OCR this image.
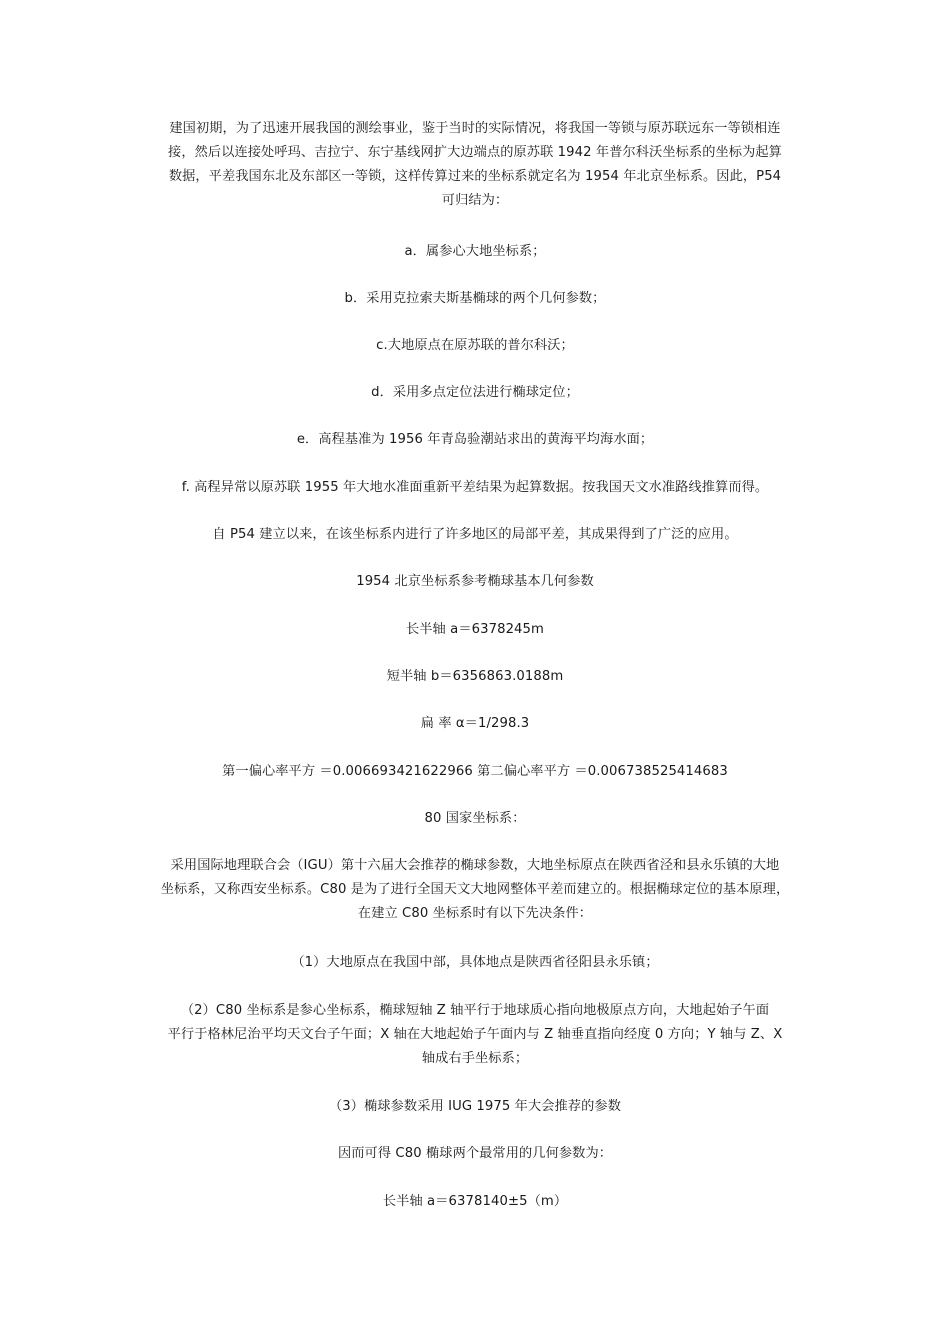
建国初期，为了迅速开展我国的测绘事业，鉴于当时的实际情况，将我国一等锁与原苏联远东一等锁相连
接，然后以连接处呼玛、吉拉宁、东宁基线网扩大边端点的原苏联 1942 年普尔科沃坐标系的坐标为起算
数据，平差我国东北及东部区一等锁，这样传算过来的坐标系就定名为 1954 年北京坐标系。因此，P54
可归结为：
a．属参心大地坐标系；
b．采用克拉索夫斯基椭球的两个几何参数；
c.大地原点在原苏联的普尔科沃；
d．采用多点定位法进行椭球定位；
e．高程基准为 1956 年青岛验潮站求出的黄海平均海水面；
f. 高程异常以原苏联 1955 年大地水准面重新平差结果为起算数据。按我国天文水准路线推算而得。
自 P54 建立以来，在该坐标系内进行了许多地区的局部平差，其成果得到了广泛的应用。
1954 北京坐标系参考椭球基本几何参数
长半轴 a＝6378245m
短半轴 b＝6356863.0188m
扁 率 α＝1/298.3
第一偏心率平方 ＝0.006693421622966 第二偏心率平方 ＝0.006738525414683
80 国家坐标系：
采用国际地理联合会（IGU）第十六届大会推荐的椭球参数，大地坐标原点在陕西省泾和县永乐镇的大地
坐标系，又称西安坐标系。C80 是为了进行全国天文大地网整体平差而建立的。根据椭球定位的基本原理，
在建立 C80 坐标系时有以下先决条件：
（1）大地原点在我国中部，具体地点是陕西省径阳县永乐镇；
（2）C80 坐标系是参心坐标系，椭球短轴 Z 轴平行于地球质心指向地极原点方向，大地起始子午面
平行于格林尼治平均天文台子午面；X 轴在大地起始子午面内与 Z 轴垂直指向经度 0 方向；Y 轴与 Z、X
轴成右手坐标系；
（3）椭球参数采用 IUG 1975 年大会推荐的参数
因而可得 C80 椭球两个最常用的几何参数为：
长半轴 a＝6378140±5（m）
